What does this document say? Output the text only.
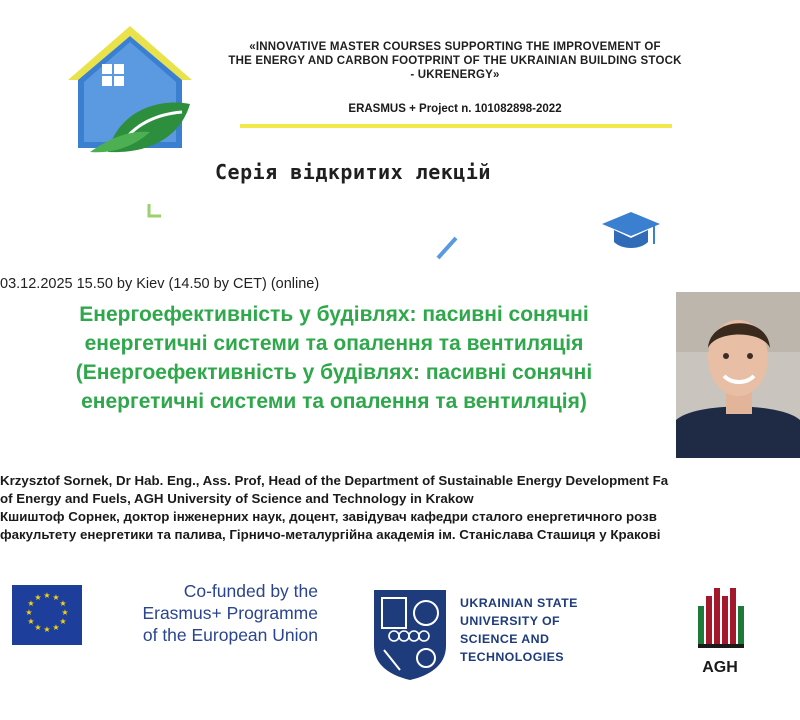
«INNOVATIVE MASTER COURSES SUPPORTING THE IMPROVEMENT OF
THE ENERGY AND CARBON FOOTPRINT OF THE UKRAINIAN BUILDING STOCK
- UKRENERGY»
ERASMUS + Project n. 101082898-2022
Серія відкритих лекцій
03.12.2025 15.50 by Kiev (14.50 by CET) (online)
Енергоефективність у будівлях: пасивні сонячні
енергетичні системи та опалення та вентиляція
(Енергоефективність у будівлях: пасивні сонячні
енергетичні системи та опалення та вентиляція)
Krzysztof Sornek, Dr Hab. Eng., Ass. Prof, Head of the Department of Sustainable Energy Development Fa
of Energy and Fuels, AGH University of Science and Technology in Krakow
Кшиштоф Сорнек, доктор інженерних наук, доцент, завідувач кафедри сталого енергетичного розв
факультету енергетики та палива, Гірничо-металургійна академія ім. Станіслава Сташиця у Кракові
★ ★
★
★
★
★
★
★
★
★
★
★	Co-funded by the
Erasmus+ Programme
of the European Union
UKRAINIAN STATE
UNIVERSITY OF
SCIENCE AND
TECHNOLOGIES
AGH
